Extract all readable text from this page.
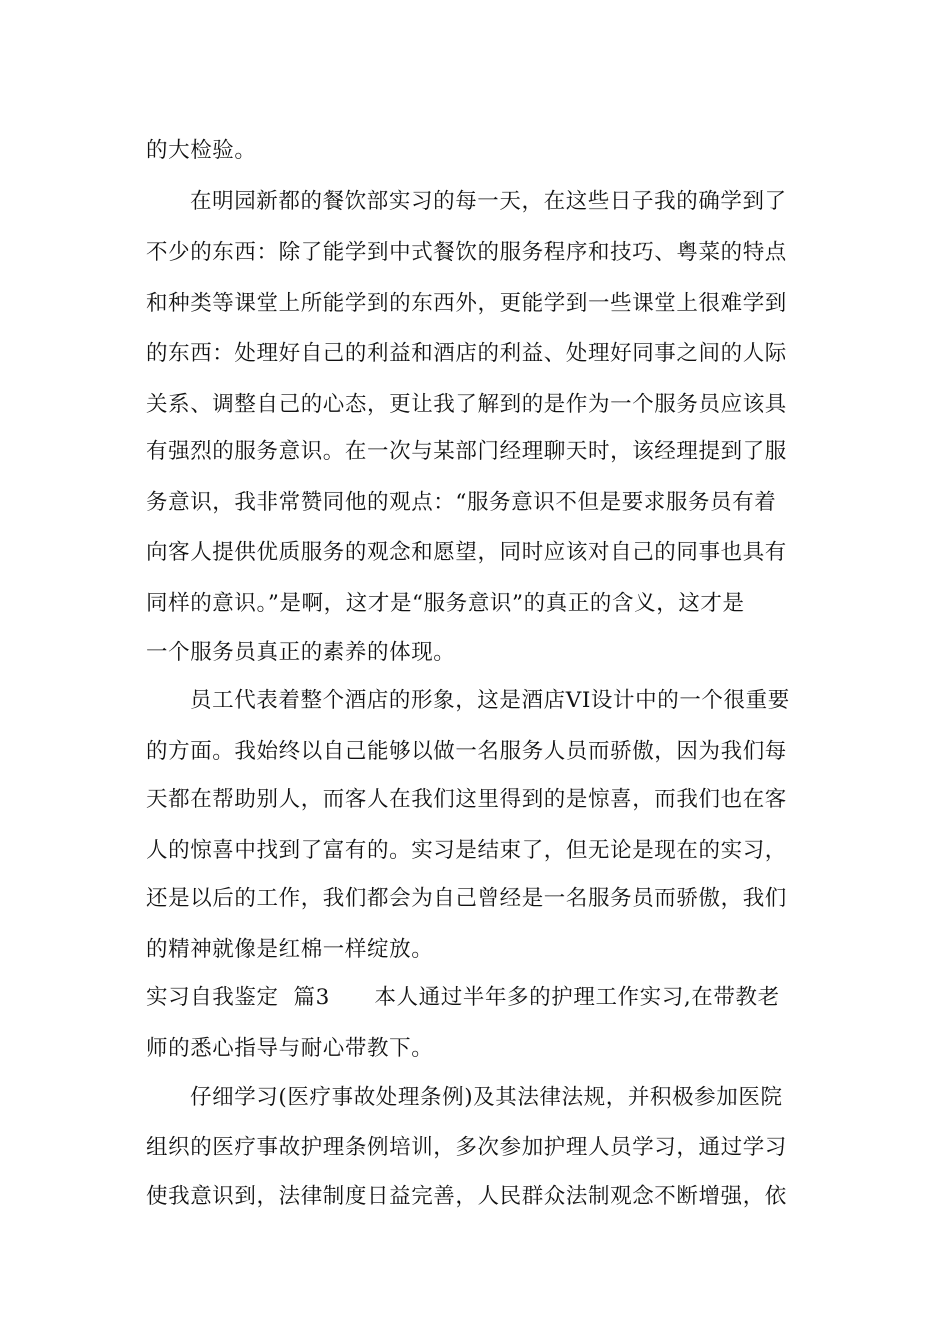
的大检验。
在明园新都的餐饮部实习的每一天，在这些日子我的确学到了
不少的东西：除了能学到中式餐饮的服务程序和技巧、粤菜的特点
和种类等课堂上所能学到的东西外，更能学到一些课堂上很难学到
的东西：处理好自己的利益和酒店的利益、处理好同事之间的人际
关系、调整自己的心态，更让我了解到的是作为一个服务员应该具
有强烈的服务意识。在一次与某部门经理聊天时，该经理提到了服
务意识，我非常赞同他的观点：“服务意识不但是要求服务员有着
向客人提供优质服务的观念和愿望，同时应该对自己的同事也具有
同样的意识。”是啊，这才是“服务意识”的真正的含义，这才是
一个服务员真正的素养的体现。
员工代表着整个酒店的形象，这是酒店VI设计中的一个很重要
的方面。我始终以自己能够以做一名服务人员而骄傲，因为我们每
天都在帮助别人，而客人在我们这里得到的是惊喜，而我们也在客
人的惊喜中找到了富有的。实习是结束了，但无论是现在的实习，
还是以后的工作，我们都会为自己曾经是一名服务员而骄傲，我们
的精神就像是红棉一样绽放。
实习自我鉴定  篇3      本人通过半年多的护理工作实习,在带教老
师的悉心指导与耐心带教下。
仔细学习(医疗事故处理条例)及其法律法规，并积极参加医院
组织的医疗事故护理条例培训，多次参加护理人员学习，通过学习
使我意识到，法律制度日益完善，人民群众法制观念不断增强，依
